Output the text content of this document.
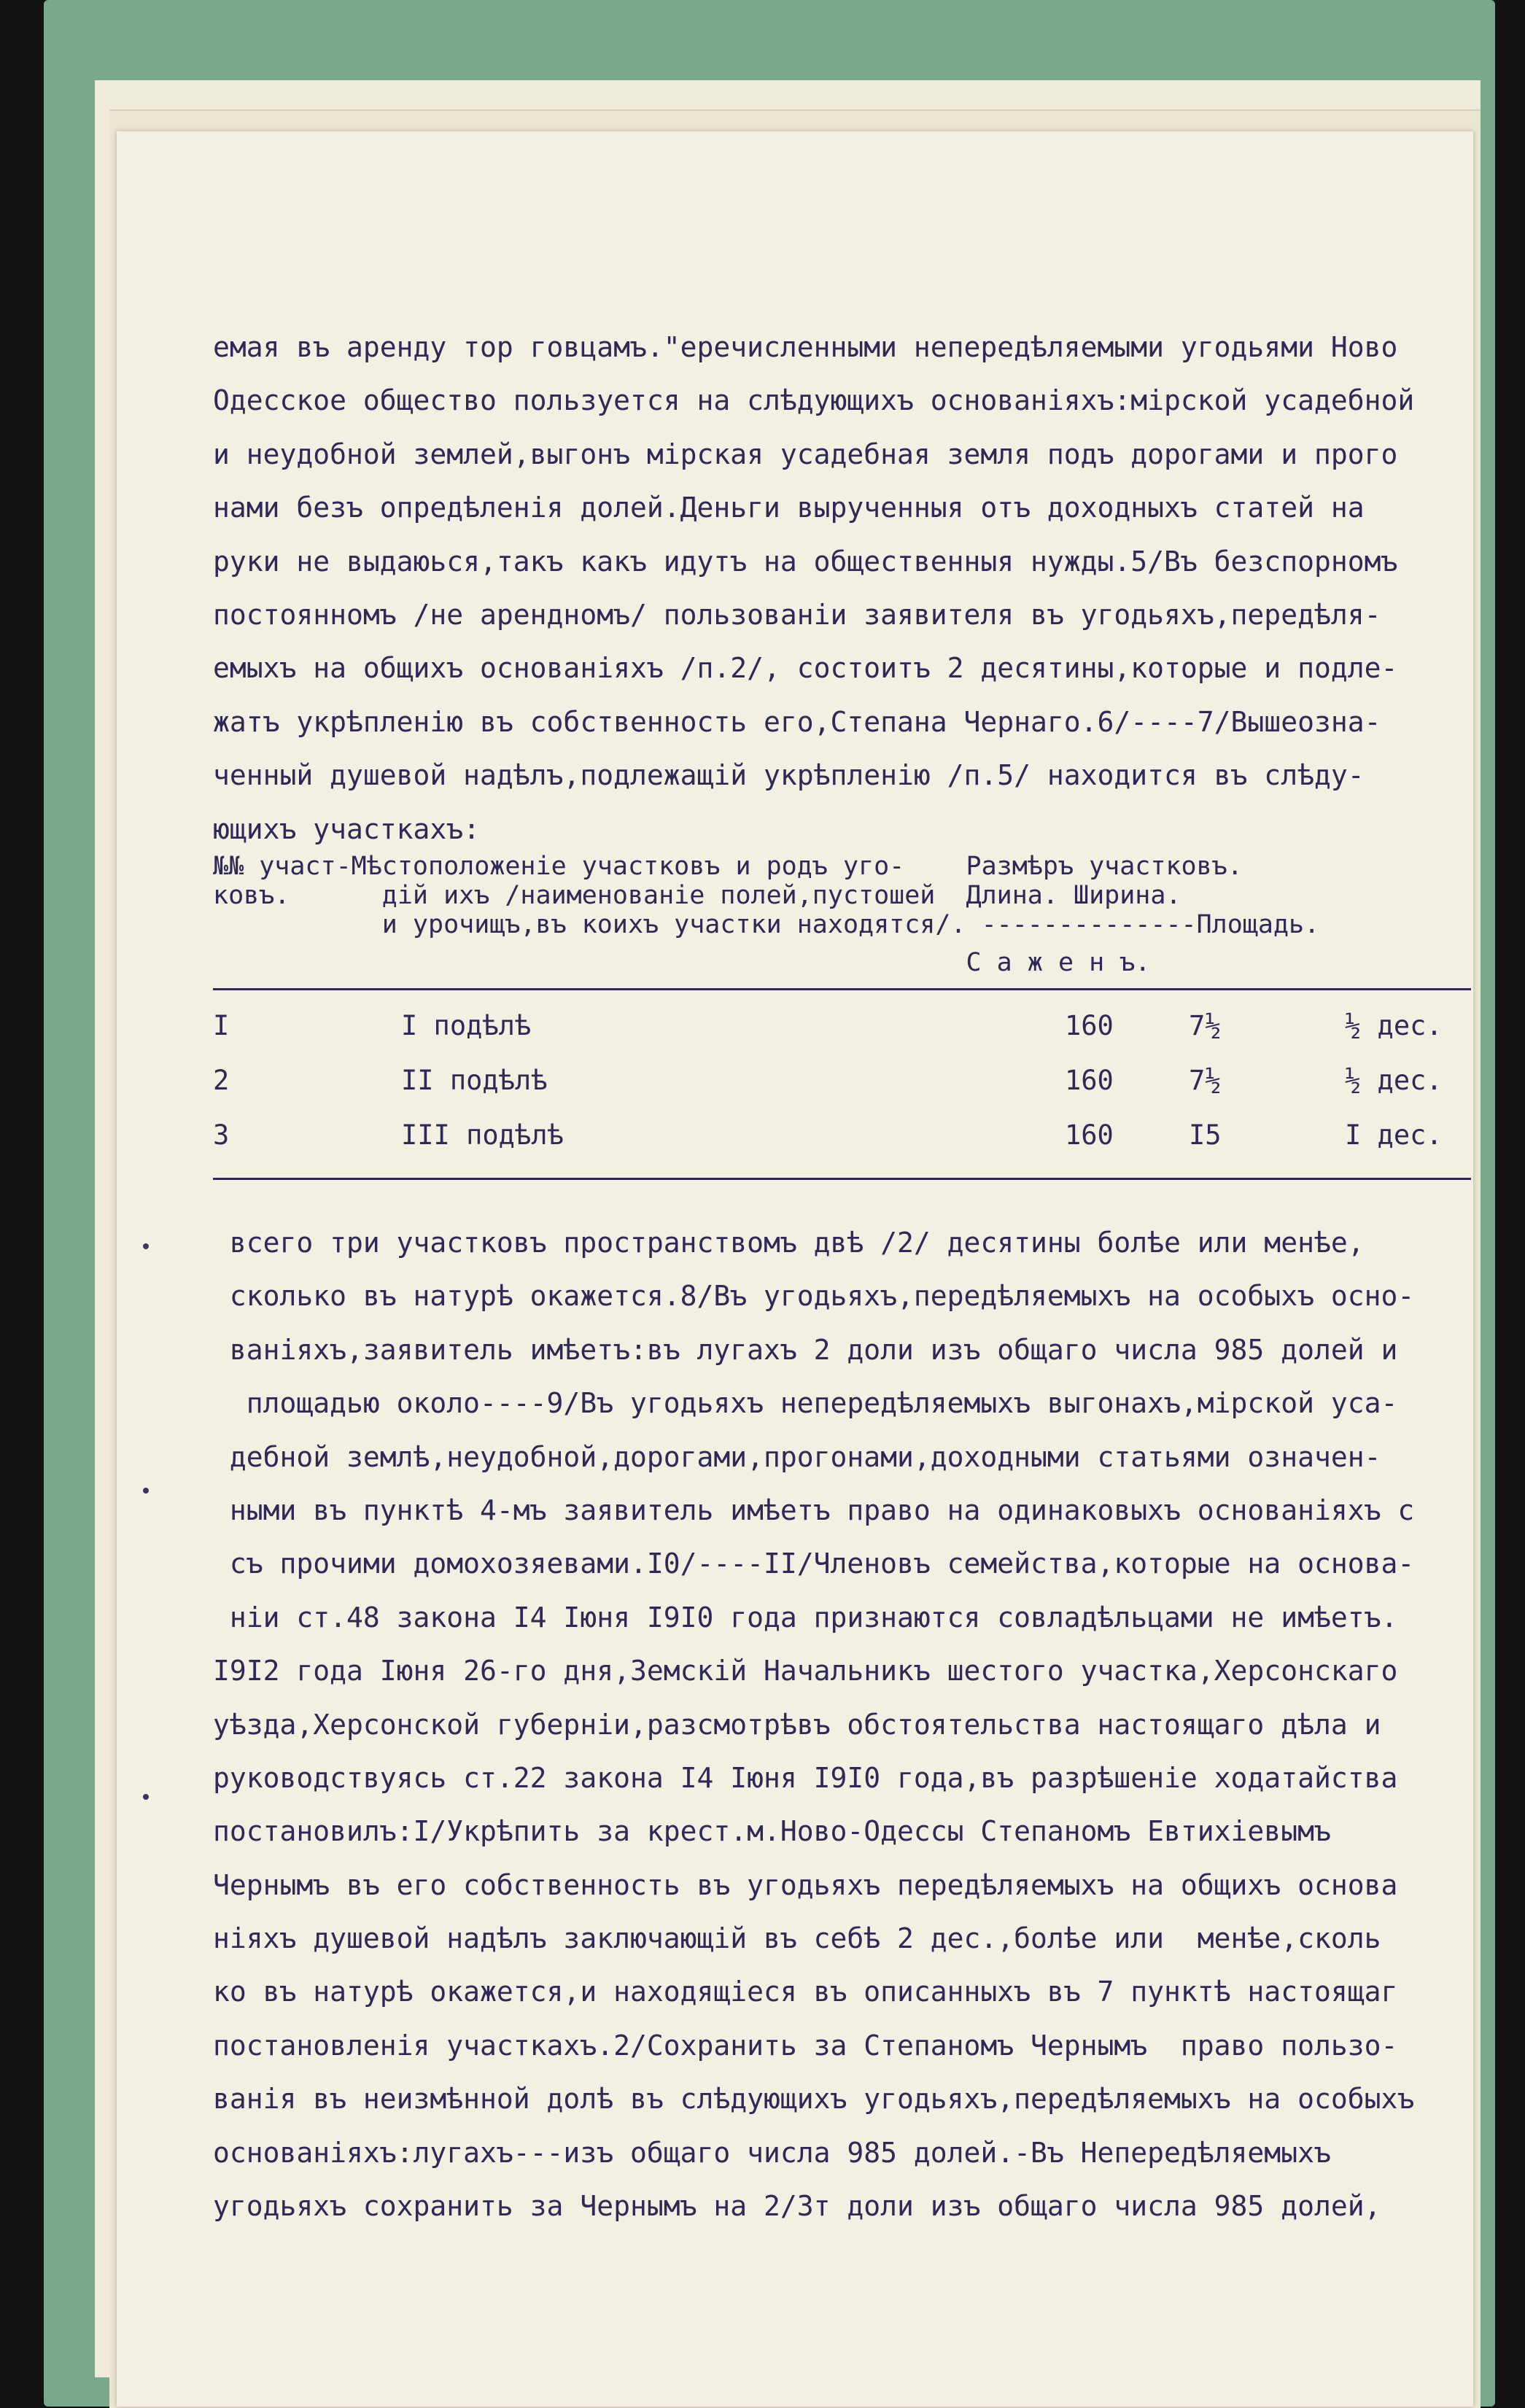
емая въ аренду тор говцамъ."еречисленными непередѣляемыми угодьями Ново
Одесское общество пользуется на слѣдующихъ основаніяхъ:мірской усадебной
и неудобной землей,выгонъ мірская усадебная земля подъ дорогами и прого
нами безъ опредѣленія долей.Деньги вырученныя отъ доходныхъ статей на
руки не выдаюься,такъ какъ идутъ на общественныя нужды.5/Въ безспорномъ
постоянномъ /не арендномъ/ пользованіи заявителя въ угодьяхъ,передѣля-
емыхъ на общихъ основаніяхъ /п.2/, состоитъ 2 десятины,которые и подле-
жатъ укрѣпленію въ собственность его,Степана Чернаго.6/----7/Вышеозна-
ченный душевой надѣлъ,подлежащій укрѣпленію /п.5/ находится въ слѣду-
ющихъ участкахъ:
№№ участ-Мѣстоположеніе участковъ и родъ уго-    Размѣръ участковъ.
ковъ.      дій ихъ /наименованіе полей,пустошей  Длина. Ширина.
и урочищъ,въ коихъ участки находятся/. --------------Площадь.
С а ж е н ъ.
I	I подѣлѣ	160	7½	½ дес.
2	II подѣлѣ	160	7½	½ дес.
3	III подѣлѣ	160	I5	I дес.
всего три участковъ пространствомъ двѣ /2/ десятины болѣе или менѣе,
сколько въ натурѣ окажется.8/Въ угодьяхъ,передѣляемыхъ на особыхъ осно-
ваніяхъ,заявитель имѣетъ:въ лугахъ 2 доли изъ общаго числа 985 долей и
площадью около----9/Въ угодьяхъ непередѣляемыхъ выгонахъ,мірской уса-
дебной землѣ,неудобной,дорогами,прогонами,доходными статьями означен-
ными въ пунктѣ 4-мъ заявитель имѣетъ право на одинаковыхъ основаніяхъ с
съ прочими домохозяевами.I0/----II/Членовъ семейства,которые на основа-
ніи ст.48 закона I4 Іюня I9I0 года признаются совладѣльцами не имѣетъ.
I9I2 года Іюня 26-го дня,Земскій Начальникъ шестого участка,Херсонскаго
уѣзда,Херсонской губерніи,разсмотрѣвъ обстоятельства настоящаго дѣла и
руководствуясь ст.22 закона I4 Іюня I9I0 года,въ разрѣшеніе ходатайства
постановилъ:I/Укрѣпить за крест.м.Ново-Одессы Степаномъ Евтихіевымъ
Чернымъ въ его собственность въ угодьяхъ передѣляемыхъ на общихъ основа
ніяхъ душевой надѣлъ заключающій въ себѣ 2 дес.,болѣе или  менѣе,сколь
ко въ натурѣ окажется,и находящіеся въ описанныхъ въ 7 пунктѣ настоящаг
постановленія участкахъ.2/Сохранить за Степаномъ Чернымъ  право пользо-
ванія въ неизмѣнной долѣ въ слѣдующихъ угодьяхъ,передѣляемыхъ на особыхъ
основаніяхъ:лугахъ---изъ общаго числа 985 долей.-Въ Непередѣляемыхъ
угодьяхъ сохранить за Чернымъ на 2/3т доли изъ общаго числа 985 долей,
